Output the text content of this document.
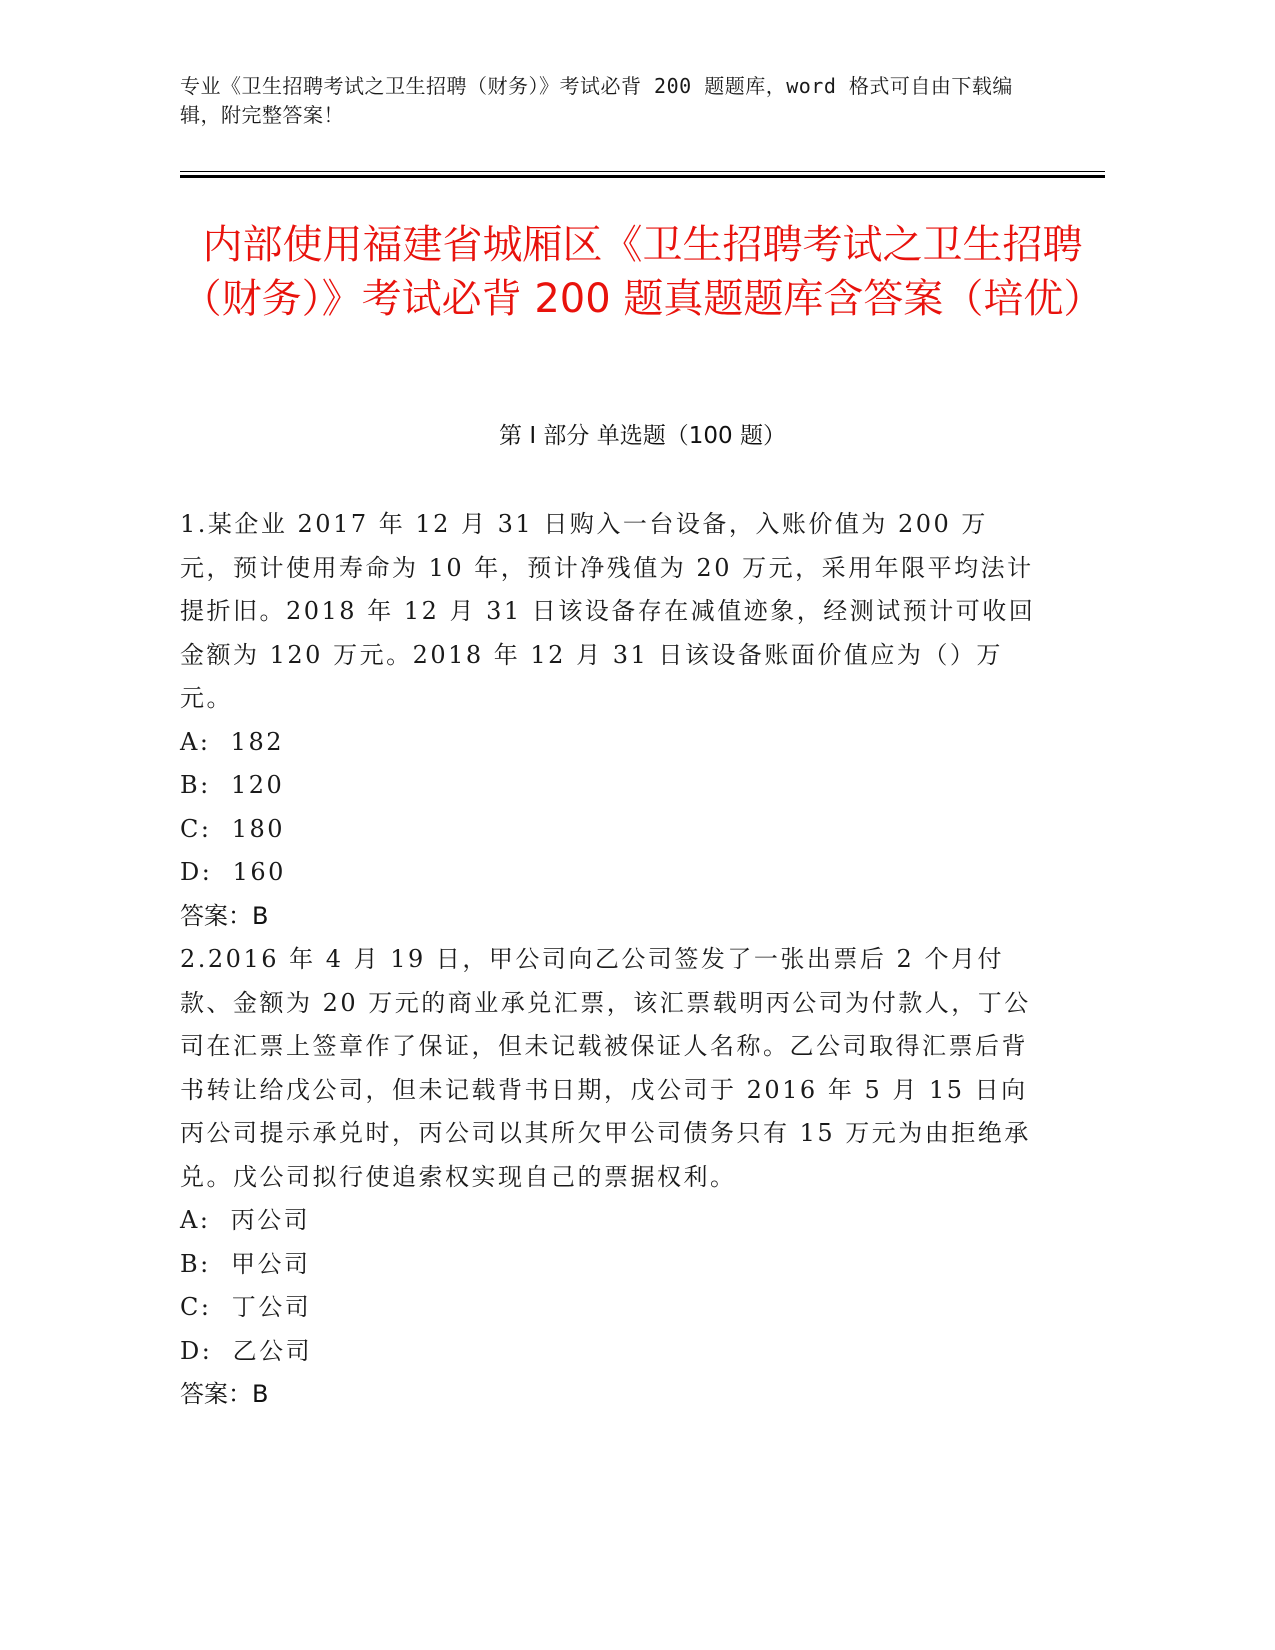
专业《卫生招聘考试之卫生招聘（财务）》考试必背 200 题题库，word 格式可自由下载编辑，附完整答案！
内部使用福建省城厢区《卫生招聘考试之卫生招聘（财务）》考试必背 200 题真题题库含答案（培优）
第 I 部分 单选题（100 题）

1.某企业 2017 年 12 月 31 日购入一台设备，入账价值为 200 万元，预计使用寿命为 10 年，预计净残值为 20 万元，采用年限平均法计提折旧。2018 年 12 月 31 日该设备存在减值迹象，经测试预计可收回金额为 120 万元。2018 年 12 月 31 日该设备账面价值应为（）万元。

A:  182

B:  120

C:  180

D:  160

答案：B

2.2016 年 4 月 19 日，甲公司向乙公司签发了一张出票后 2 个月付款、金额为 20 万元的商业承兑汇票，该汇票载明丙公司为付款人，丁公司在汇票上签章作了保证，但未记载被保证人名称。乙公司取得汇票后背书转让给戊公司，但未记载背书日期，戊公司于 2016 年 5 月 15 日向丙公司提示承兑时，丙公司以其所欠甲公司债务只有 15 万元为由拒绝承兑。戊公司拟行使追索权实现自己的票据权利。

A:  丙公司

B:  甲公司

C:  丁公司

D:  乙公司

答案：B
